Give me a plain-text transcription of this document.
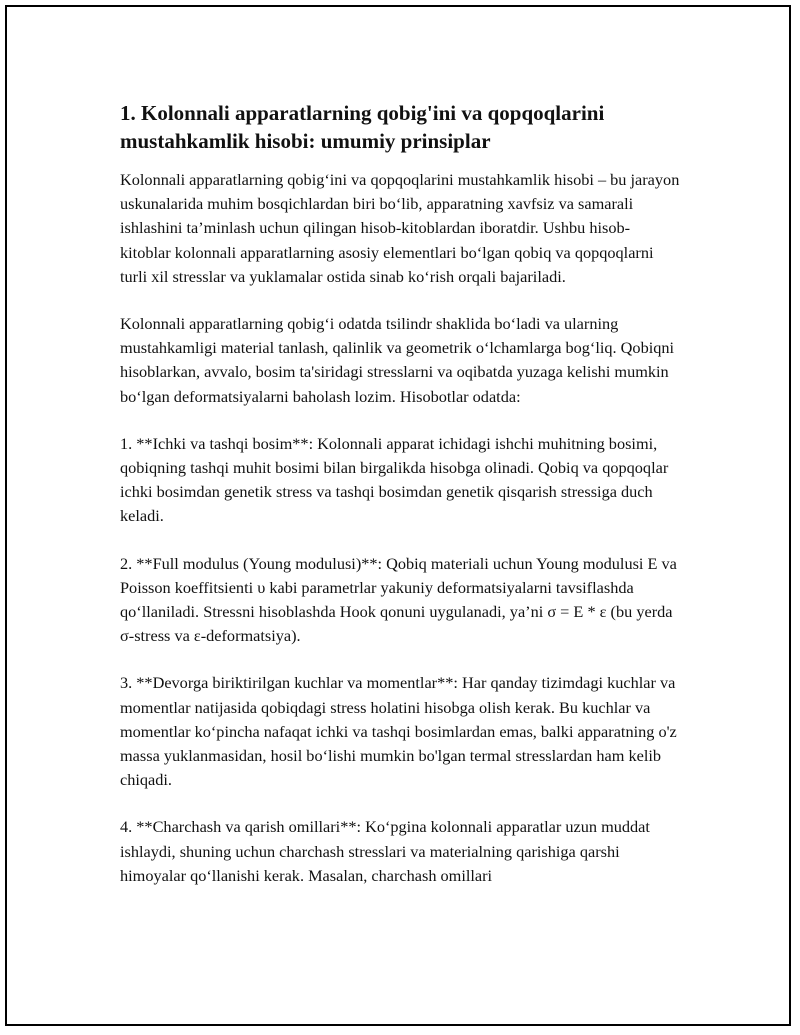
1. Kolonnali apparatlarning qobig'ini va qopqoqlarini mustahkamlik hisobi: umumiy prinsiplar

Kolonnali apparatlarning qobig‘ini va qopqoqlarini mustahkamlik hisobi – bu jarayon uskunalarida muhim bosqichlardan biri bo‘lib, apparatning xavfsiz va samarali ishlashini ta’minlash uchun qilingan hisob-kitoblardan iboratdir. Ushbu hisob-kitoblar kolonnali apparatlarning asosiy elementlari bo‘lgan qobiq va qopqoqlarni turli xil stresslar va yuklamalar ostida sinab ko‘rish orqali bajariladi.

Kolonnali apparatlarning qobig‘i odatda tsilindr shaklida bo‘ladi va ularning mustahkamligi material tanlash, qalinlik va geometrik o‘lchamlarga bog‘liq. Qobiqni hisoblarkan, avvalo, bosim ta'siridagi stresslarni va oqibatda yuzaga kelishi mumkin bo‘lgan deformatsiyalarni baholash lozim. Hisobotlar odatda:

1. **Ichki va tashqi bosim**: Kolonnali apparat ichidagi ishchi muhitning bosimi, qobiqning tashqi muhit bosimi bilan birgalikda hisobga olinadi. Qobiq va qopqoqlar ichki bosimdan genetik stress va tashqi bosimdan genetik qisqarish stressiga duch keladi.

2. **Full modulus (Young modulusi)**: Qobiq materiali uchun Young modulusi E va Poisson koeffitsienti υ kabi parametrlar yakuniy deformatsiyalarni tavsiflashda qo‘llaniladi. Stressni hisoblashda Hook qonuni uygulanadi, ya’ni σ = E * ε (bu yerda σ-stress va ε-deformatsiya).

3. **Devorga biriktirilgan kuchlar va momentlar**: Har qanday tizimdagi kuchlar va momentlar natijasida qobiqdagi stress holatini hisobga olish kerak. Bu kuchlar va momentlar ko‘pincha nafaqat ichki va tashqi bosimlardan emas, balki apparatning o'z massa yuklanmasidan, hosil bo‘lishi mumkin bo'lgan termal stresslardan ham kelib chiqadi.

4. **Charchash va qarish omillari**: Ko‘pgina kolonnali apparatlar uzun muddat ishlaydi, shuning uchun charchash stresslari va materialning qarishiga qarshi himoyalar qo‘llanishi kerak. Masalan, charchash omillari
